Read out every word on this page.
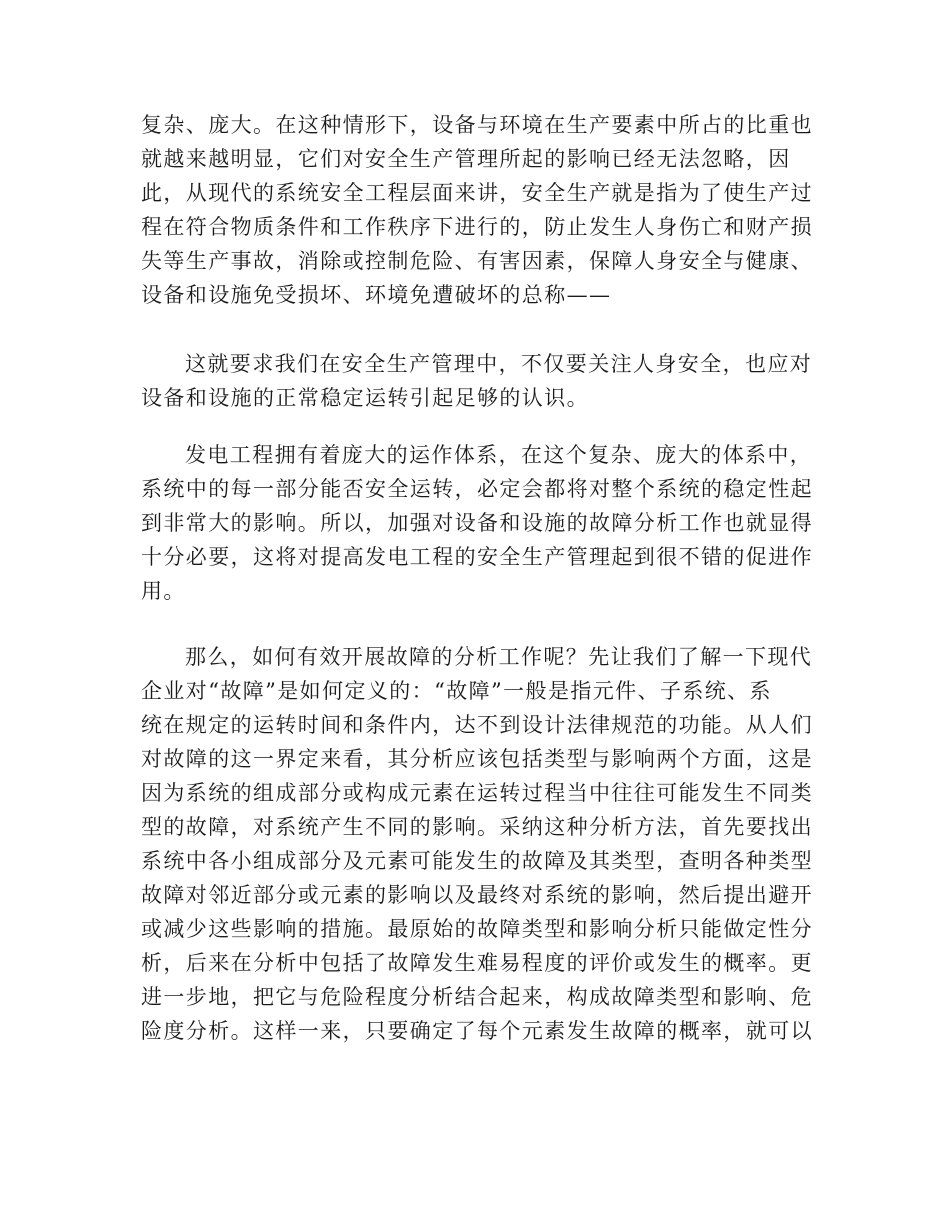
复杂、庞大。在这种情形下，设备与环境在生产要素中所占的比重也
就越来越明显，它们对安全生产管理所起的影响已经无法忽略，因
此，从现代的系统安全工程层面来讲，安全生产就是指为了使生产过
程在符合物质条件和工作秩序下进行的，防止发生人身伤亡和财产损
失等生产事故，消除或控制危险、有害因素，保障人身安全与健康、
设备和设施免受损坏、环境免遭破坏的总称——
这就要求我们在安全生产管理中，不仅要关注人身安全，也应对
设备和设施的正常稳定运转引起足够的认识。
发电工程拥有着庞大的运作体系，在这个复杂、庞大的体系中，
系统中的每一部分能否安全运转，必定会都将对整个系统的稳定性起
到非常大的影响。所以，加强对设备和设施的故障分析工作也就显得
十分必要，这将对提高发电工程的安全生产管理起到很不错的促进作
用。
那么，如何有效开展故障的分析工作呢？先让我们了解一下现代
企业对“故障”是如何定义的：“故障”一般是指元件、子系统、系
统在规定的运转时间和条件内，达不到设计法律规范的功能。从人们
对故障的这一界定来看，其分析应该包括类型与影响两个方面，这是
因为系统的组成部分或构成元素在运转过程当中往往可能发生不同类
型的故障，对系统产生不同的影响。采纳这种分析方法，首先要找出
系统中各小组成部分及元素可能发生的故障及其类型，查明各种类型
故障对邻近部分或元素的影响以及最终对系统的影响，然后提出避开
或减少这些影响的措施。最原始的故障类型和影响分析只能做定性分
析，后来在分析中包括了故障发生难易程度的评价或发生的概率。更
进一步地，把它与危险程度分析结合起来，构成故障类型和影响、危
险度分析。这样一来，只要确定了每个元素发生故障的概率，就可以
